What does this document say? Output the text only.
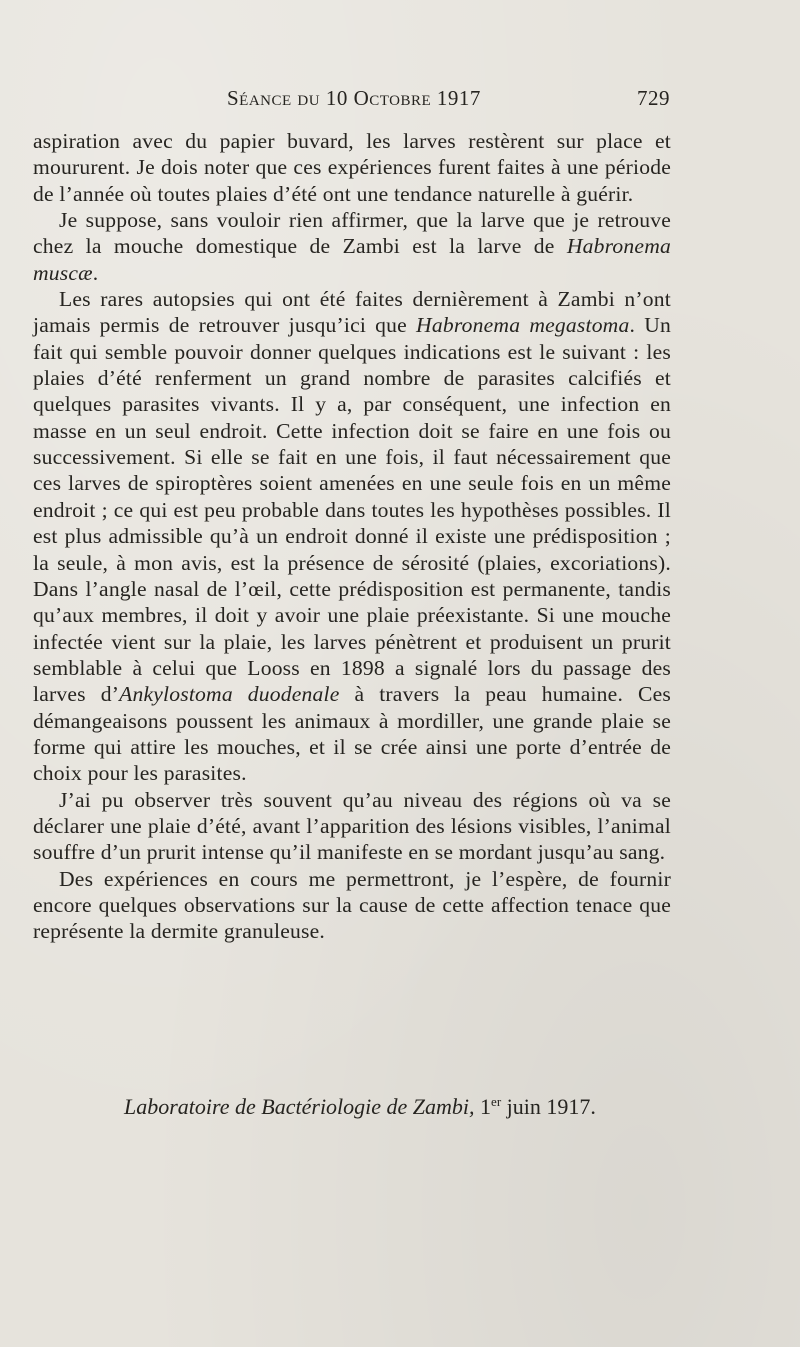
Séance du 10 Octobre 1917	729

aspiration avec du papier buvard, les larves restèrent sur place et moururent. Je dois noter que ces expériences furent faites à une période de l’année où toutes plaies d’été ont une tendance naturelle à guérir.

Je suppose, sans vouloir rien affirmer, que la larve que je retrouve chez la mouche domestique de Zambi est la larve de Habronema muscæ.

Les rares autopsies qui ont été faites dernièrement à Zambi n’ont jamais permis de retrouver jusqu’ici que Habronema megastoma. Un fait qui semble pouvoir donner quelques indications est le suivant : les plaies d’été renferment un grand nombre de parasites calcifiés et quelques parasites vivants. Il y a, par conséquent, une infection en masse en un seul endroit. Cette infection doit se faire en une fois ou successivement. Si elle se fait en une fois, il faut nécessairement que ces larves de spiroptères soient amenées en une seule fois en un même endroit ; ce qui est peu probable dans toutes les hypothèses possibles. Il est plus admissible qu’à un endroit donné il existe une prédisposition ; la seule, à mon avis, est la présence de sérosité (plaies, excoriations). Dans l’angle nasal de l’œil, cette prédisposition est permanente, tandis qu’aux membres, il doit y avoir une plaie préexistante. Si une mouche infectée vient sur la plaie, les larves pénètrent et produisent un prurit semblable à celui que Looss en 1898 a signalé lors du passage des larves d’Ankylostoma duodenale à travers la peau humaine. Ces démangeaisons poussent les animaux à mordiller, une grande plaie se forme qui attire les mouches, et il se crée ainsi une porte d’entrée de choix pour les parasites.

J’ai pu observer très souvent qu’au niveau des régions où va se déclarer une plaie d’été, avant l’apparition des lésions visibles, l’animal souffre d’un prurit intense qu’il manifeste en se mordant jusqu’au sang.

Des expériences en cours me permettront, je l’espère, de fournir encore quelques observations sur la cause de cette affection tenace que représente la dermite granuleuse.

Laboratoire de Bactériologie de Zambi, 1er juin 1917.
